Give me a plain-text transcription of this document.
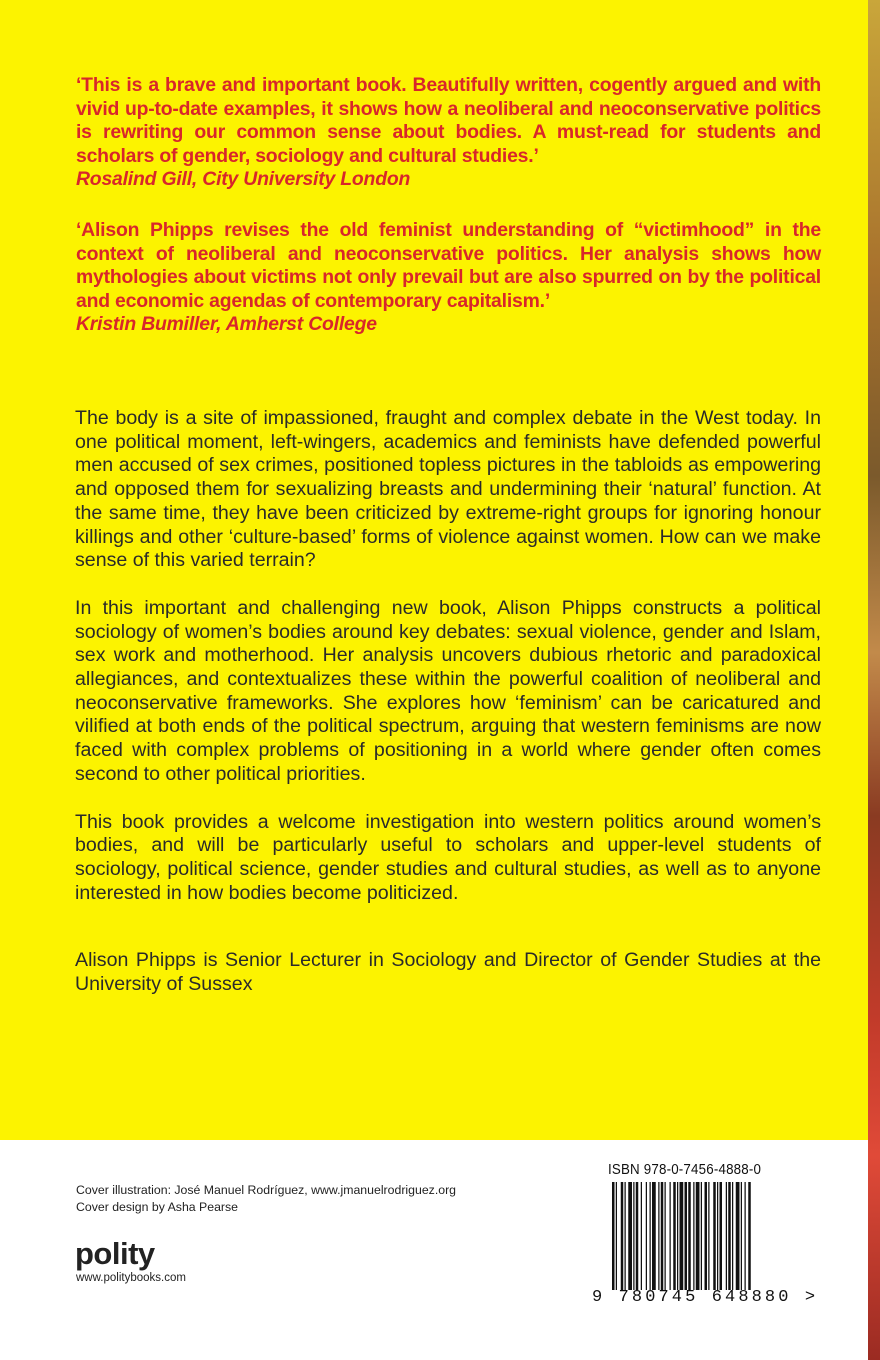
‘This is a brave and important book. Beautifully written, cogently argued and with vivid up-to-date examples, it shows how a neoliberal and neoconservative politics is rewriting our common sense about bodies. A must-read for students and scholars of gender, sociology and cultural studies.’
Rosalind Gill, City University London
‘Alison Phipps revises the old feminist understanding of “victimhood” in the context of neoliberal and neoconservative politics. Her analysis shows how mythologies about victims not only prevail but are also spurred on by the political and economic agendas of contemporary capitalism.’
Kristin Bumiller, Amherst College

The body is a site of impassioned, fraught and complex debate in the West today. In one political moment, left-wingers, academics and feminists have defended powerful men accused of sex crimes, positioned topless pictures in the tabloids as empowering and opposed them for sexualizing breasts and undermining their ‘natural’ function. At the same time, they have been criticized by extreme-right groups for ignoring honour killings and other ‘culture-based’ forms of violence against women. How can we make sense of this varied terrain?

In this important and challenging new book, Alison Phipps constructs a political sociology of women’s bodies around key debates: sexual violence, gender and Islam, sex work and motherhood. Her analysis uncovers dubious rhetoric and paradoxical allegiances, and contextualizes these within the powerful coalition of neoliberal and neoconservative frameworks. She explores how ‘feminism’ can be caricatured and vilified at both ends of the political spectrum, arguing that western feminisms are now faced with complex problems of positioning in a world where gender often comes second to other political priorities.

This book provides a welcome investigation into western politics around women’s bodies, and will be particularly useful to scholars and upper-level students of sociology, political science, gender studies and cultural studies, as well as to anyone interested in how bodies become politicized.

Alison Phipps is Senior Lecturer in Sociology and Director of Gender Studies at the University of Sussex

Cover illustration: José Manuel Rodríguez, www.jmanuelrodriguez.org
Cover design by Asha Pearse
polity
www.politybooks.com
ISBN 978-0-7456-4888-0
9 780745 648880 >
